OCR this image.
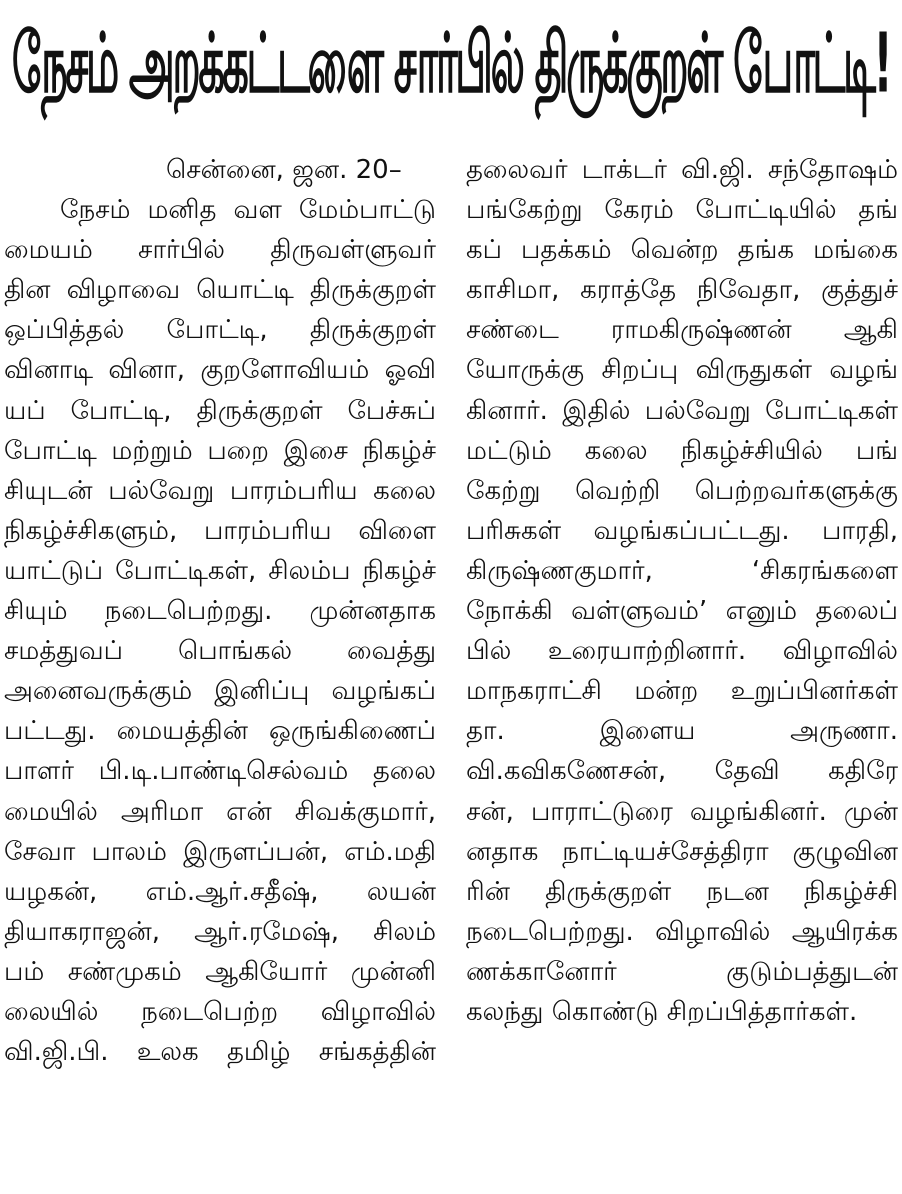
நேசம் அறக்கட்டளை சார்பில் திருக்குறள் போட்டி!
சென்னை, ஜன. 20–
நேசம் மனித வள மேம்பாட்டு
மையம் சார்பில் திருவள்ளுவர்
தின விழாவை யொட்டி திருக்குறள்
ஒப்பித்தல் போட்டி, திருக்குறள்
வினாடி வினா, குறளோவியம் ஓவி
யப் போட்டி, திருக்குறள் பேச்சுப்
போட்டி மற்றும் பறை இசை நிகழ்ச்
சியுடன் பல்வேறு பாரம்பரிய கலை
நிகழ்ச்சிகளும், பாரம்பரிய விளை
யாட்டுப் போட்டிகள், சிலம்ப நிகழ்ச்
சியும் நடைபெற்றது. முன்னதாக
சமத்துவப் பொங்கல் வைத்து
அனைவருக்கும் இனிப்பு வழங்கப்
பட்டது. மையத்தின் ஒருங்கிணைப்
பாளர் பி.டி.பாண்டிசெல்வம் தலை
மையில் அரிமா என் சிவக்குமார்,
சேவா பாலம் இருளப்பன், எம்.மதி
யழகன், எம்.ஆர்.சதீஷ், லயன்
தியாகராஜன், ஆர்.ரமேஷ், சிலம்
பம் சண்முகம் ஆகியோர் முன்னி
லையில் நடைபெற்ற விழாவில்
வி.ஜி.பி. உலக தமிழ் சங்கத்தின்
தலைவர் டாக்டர் வி.ஜி. சந்தோஷம்
பங்கேற்று கேரம் போட்டியில் தங்
கப் பதக்கம் வென்ற தங்க மங்கை
காசிமா, கராத்தே நிவேதா, குத்துச்
சண்டை ராமகிருஷ்ணன் ஆகி
யோருக்கு சிறப்பு விருதுகள் வழங்
கினார். இதில் பல்வேறு போட்டிகள்
மட்டும் கலை நிகழ்ச்சியில் பங்
கேற்று வெற்றி பெற்றவர்களுக்கு
பரிசுகள் வழங்கப்பட்டது. பாரதி,
கிருஷ்ணகுமார், ‘சிகரங்களை
நோக்கி வள்ளுவம்’ எனும் தலைப்
பில் உரையாற்றினார். விழாவில்
மாநகராட்சி மன்ற உறுப்பினர்கள்
தா. இளைய அருணா.
வி.கவிகணேசன், தேவி கதிரே
சன், பாராட்டுரை வழங்கினர். முன்
னதாக நாட்டியச்சேத்திரா குழுவின
ரின் திருக்குறள் நடன நிகழ்ச்சி
நடைபெற்றது. விழாவில் ஆயிரக்க
ணக்கானோர் குடும்பத்துடன்
கலந்து கொண்டு சிறப்பித்தார்கள்.
